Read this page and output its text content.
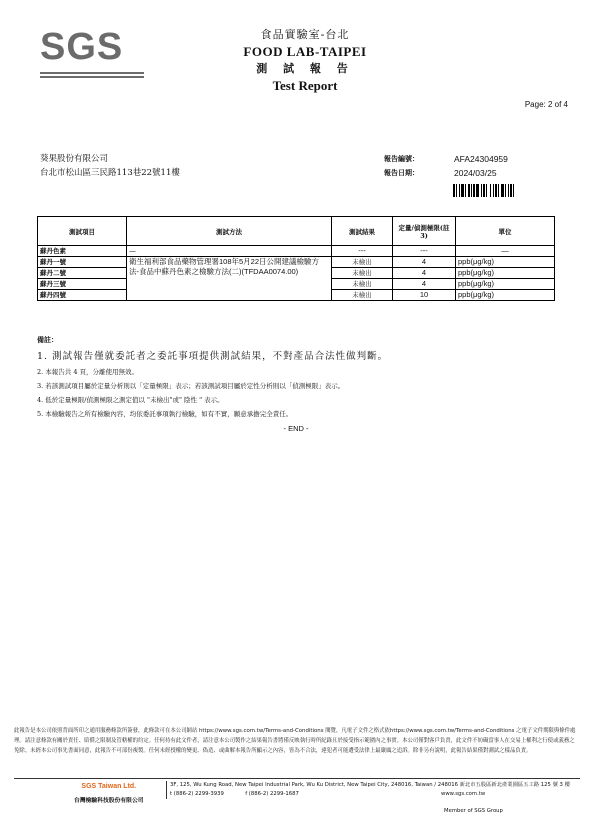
SGS	食品實驗室-台北
FOOD LAB-TAIPEI
測 試 報 告
Test Report
Page: 2 of 4
葵果股份有限公司
台北市松山區三民路113巷22號11樓
報告編號：	AFA24304959
報告日期：	2024/03/25
測試項目	測試方法	測試結果	定量/偵測極限(註3)	單位
蘇丹色素	—	---	---	—
蘇丹一號	衛生福利部食品藥物管理署108年5月22日公開建議檢驗方法-食品中蘇丹色素之檢驗方法(二)(TFDAA0074.00)	未檢出	4	ppb(μg/kg)
蘇丹二號		未檢出	4	ppb(μg/kg)
蘇丹三號		未檢出	4	ppb(μg/kg)
蘇丹四號		未檢出	10	ppb(μg/kg)
備註：
1. 測試報告僅就委託者之委託事項提供測試結果，不對產品合法性做判斷。
2. 本報告共 4 頁，分離使用無效。
3. 若該測試項目屬於定量分析則以「定量極限」表示；若該測試項目屬於定性分析則以「偵測極限」表示。
4. 低於定量極限/偵測極限之測定值以 "未檢出"或" 陰性 " 表示。
5. 本檢驗報告之所有檢驗內容，均依委託事項執行檢驗，如有不實，願意承擔完全責任。
- END -
此報告是本公司依照背面所印之通用服務條款所簽發，此條款可在本公司網站 https://www.sgs.com.tw/Terms-and-Conditions 閱覽，凡電子文件之格式依https://www.sgs.com.tw/Terms-and-Conditions 之電子文件期限與條件處理。請注意條款有關於責任、賠償之限制及管轄權的約定。任何持有此文件者，請注意本公司製作之結果報告書將僅反映執行時所紀錄且於接受指示範圍內之事實。本公司僅對客戶負責，此文件不妨礙當事人在交易上權利之行使或義務之免除。未經本公司事先書面同意，此報告不可部份複製。任何未經授權的變更、偽造、或曲解本報告所顯示之內容，皆為不合法，違犯者可能遭受法律上最嚴厲之追訴。除非另有說明，此報告結果僅對測試之樣品負責。
SGS Taiwan Ltd.
台灣檢驗科技股份有限公司
3F, 125, Wu Kung Road, New Taipei Industrial Park, Wu Ku District, New Taipei City, 248016, Taiwan / 248016 新北市五股區新北產業園區五工路 125 號 3 樓
t (886-2) 2299-3939	f (886-2) 2299-1687	www.sgs.com.tw
Member of SGS Group
